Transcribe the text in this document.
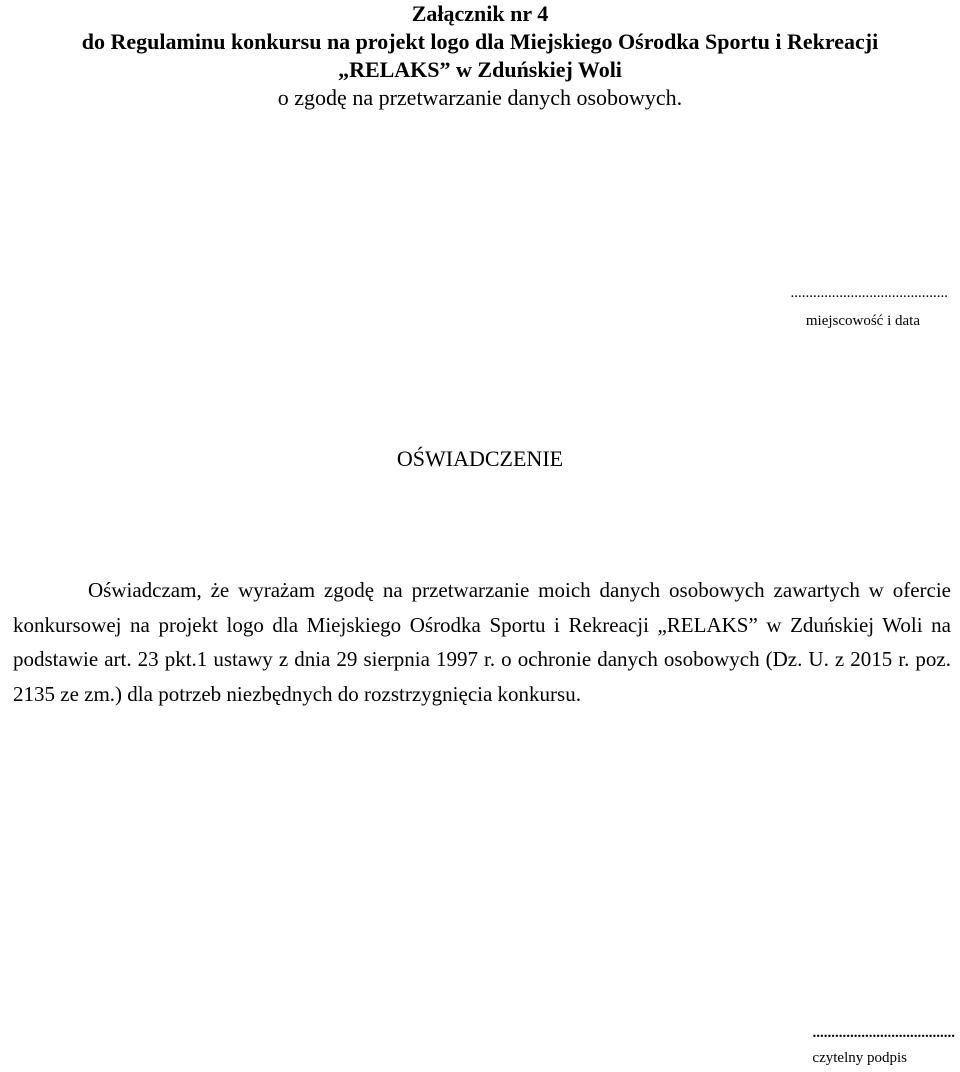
Załącznik nr 4
do Regulaminu konkursu na projekt logo dla Miejskiego Ośrodka Sportu i Rekreacji
„RELAKS” w Zduńskiej Woli
o zgodę na przetwarzanie danych osobowych.
..........................................
miejscowość i data
OŚWIADCZENIE

Oświadczam, że wyrażam zgodę na przetwarzanie moich danych osobowych zawartych w ofercie konkursowej na projekt logo dla Miejskiego Ośrodka Sportu i Rekreacji „RELAKS” w Zduńskiej Woli na podstawie art. 23 pkt.1 ustawy z dnia 29 sierpnia 1997 r. o ochronie danych osobowych (Dz. U. z 2015 r. poz. 2135 ze zm.) dla potrzeb niezbędnych do rozstrzygnięcia konkursu.

......................................
czytelny podpis
